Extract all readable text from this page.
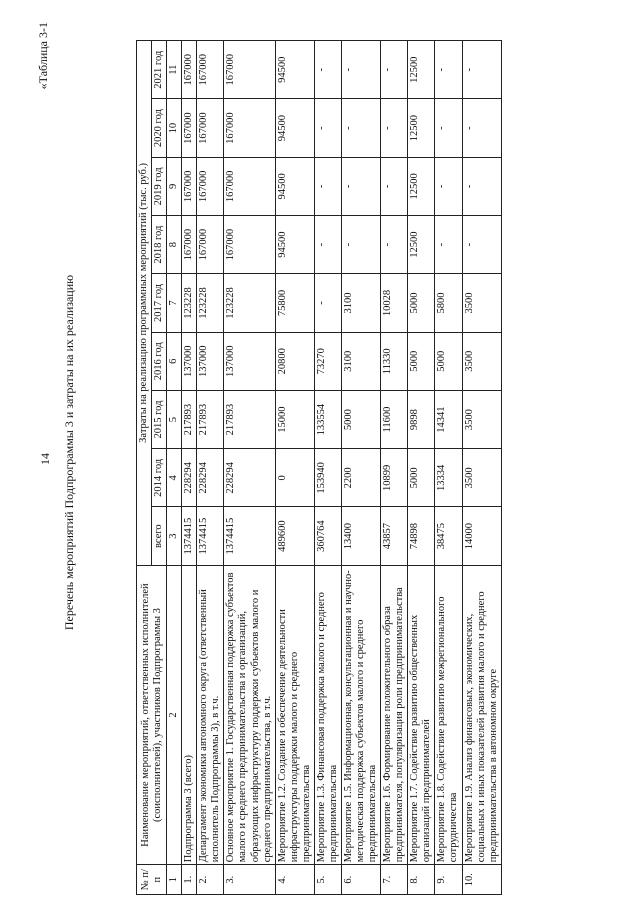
14
«Таблица 3-1
Перечень мероприятий Подпрограммы 3 и затраты на их реализацию
№ п/п	Наименование мероприятий, ответственных исполнителей (соисполнителей), участников Подпрограммы 3	Затраты на реализацию программных мероприятий (тыс. руб.)								
		всего	2014 год	2015 год	2016 год	2017 год	2018 год	2019 год	2020 год	2021 год
1	2	3	4	5	6	7	8	9	10	11
1.	Подпрограмма 3 (всего)	1374415	228294	217893	137000	123228	167000	167000	167000	167000
2.	Департамент экономики автономного округа (ответственный исполнитель Подпрограммы 3), в т.ч.	1374415	228294	217893	137000	123228	167000	167000	167000	167000
3.	Основное мероприятие 1. Государственная поддержка субъектов малого и среднего предпринимательства и организаций, образующих инфраструктуру поддержки субъектов малого и среднего предпринимательства, в т.ч.	1374415	228294	217893	137000	123228	167000	167000	167000	167000
4.	Мероприятие 1.2. Создание и обеспечение деятельности инфраструктуры поддержки малого и среднего предпринимательства	489600	0	15000	20800	75800	94500	94500	94500	94500
5.	Мероприятие 1.3. Финансовая поддержка малого и среднего предпринимательства	360764	153940	133554	73270	-	-	-	-	-
6.	Мероприятие 1.5. Информационная, консультационная и научно-методическая поддержка субъектов малого и среднего предпринимательства	13400	2200	5000	3100	3100	-	-	-	-
7.	Мероприятие 1.6. Формирование положительного образа предпринимателя, популяризация роли предпринимательства	43857	10899	11600	11330	10028	-	-	-	-
8.	Мероприятие 1.7. Содействие развитию общественных организаций предпринимателей	74898	5000	9898	5000	5000	12500	12500	12500	12500
9.	Мероприятие 1.8. Содействие развитию межрегионального сотрудничества	38475	13334	14341	5000	5800	-	-	-	-
10.	Мероприятие 1.9. Анализ финансовых, экономических, социальных и иных показателей развития малого и среднего предпринимательства в автономном округе	14000	3500	3500	3500	3500	-	-	-	-
